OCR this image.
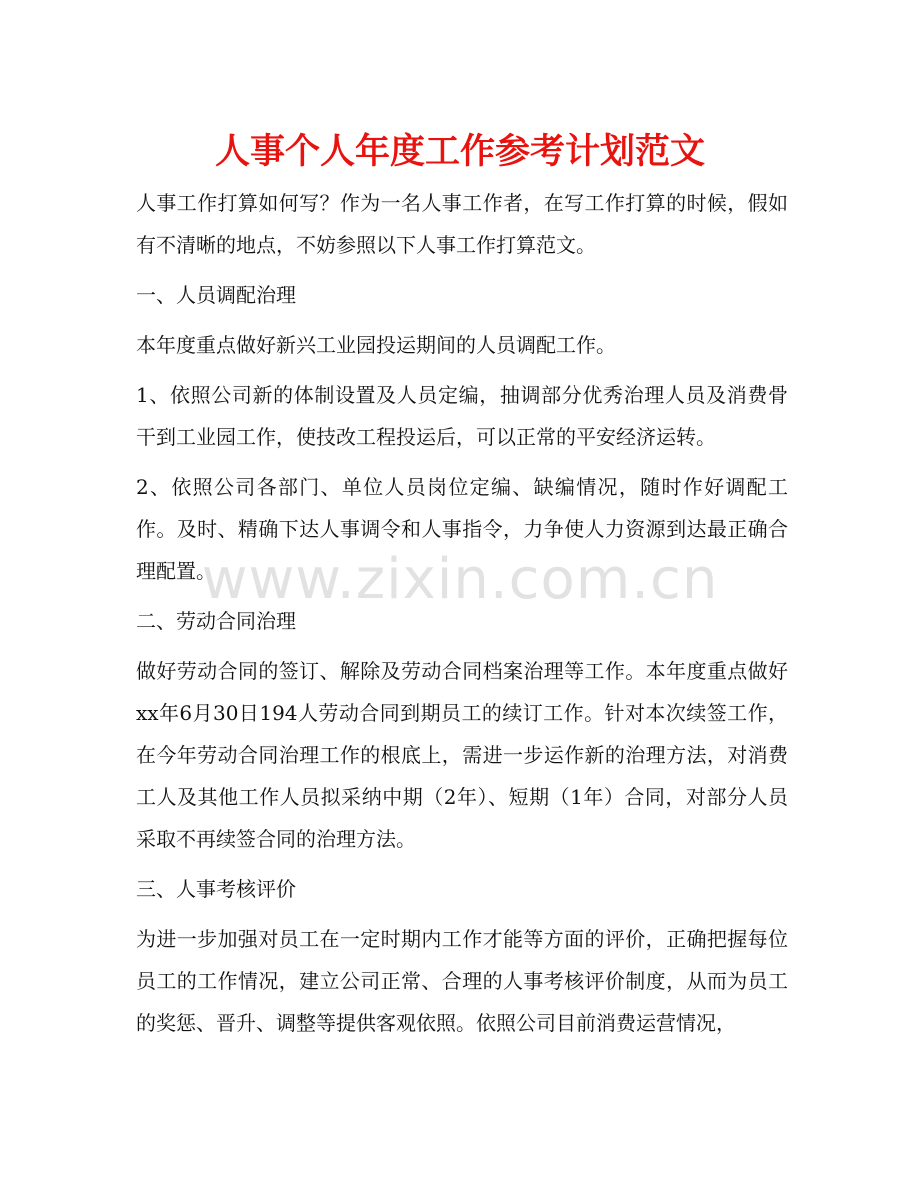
人事个人年度工作参考计划范文

人事工作打算如何写？作为一名人事工作者，在写工作打算的时候，假如有不清晰的地点，不妨参照以下人事工作打算范文。

一、人员调配治理

本年度重点做好新兴工业园投运期间的人员调配工作。

1、依照公司新的体制设置及人员定编，抽调部分优秀治理人员及消费骨干到工业园工作，使技改工程投运后，可以正常的平安经济运转。

2、依照公司各部门、单位人员岗位定编、缺编情况，随时作好调配工作。及时、精确下达人事调令和人事指令，力争使人力资源到达最正确合理配置。

二、劳动合同治理

做好劳动合同的签订、解除及劳动合同档案治理等工作。本年度重点做好xx年6月30日194人劳动合同到期员工的续订工作。针对本次续签工作，在今年劳动合同治理工作的根底上，需进一步运作新的治理方法，对消费工人及其他工作人员拟采纳中期（2年）、短期（1年）合同，对部分人员采取不再续签合同的治理方法。

三、人事考核评价

为进一步加强对员工在一定时期内工作才能等方面的评价，正确把握每位员工的工作情况，建立公司正常、合理的人事考核评价制度，从而为员工的奖惩、晋升、调整等提供客观依照。依照公司目前消费运营情况，

www.zixin.com.cn
